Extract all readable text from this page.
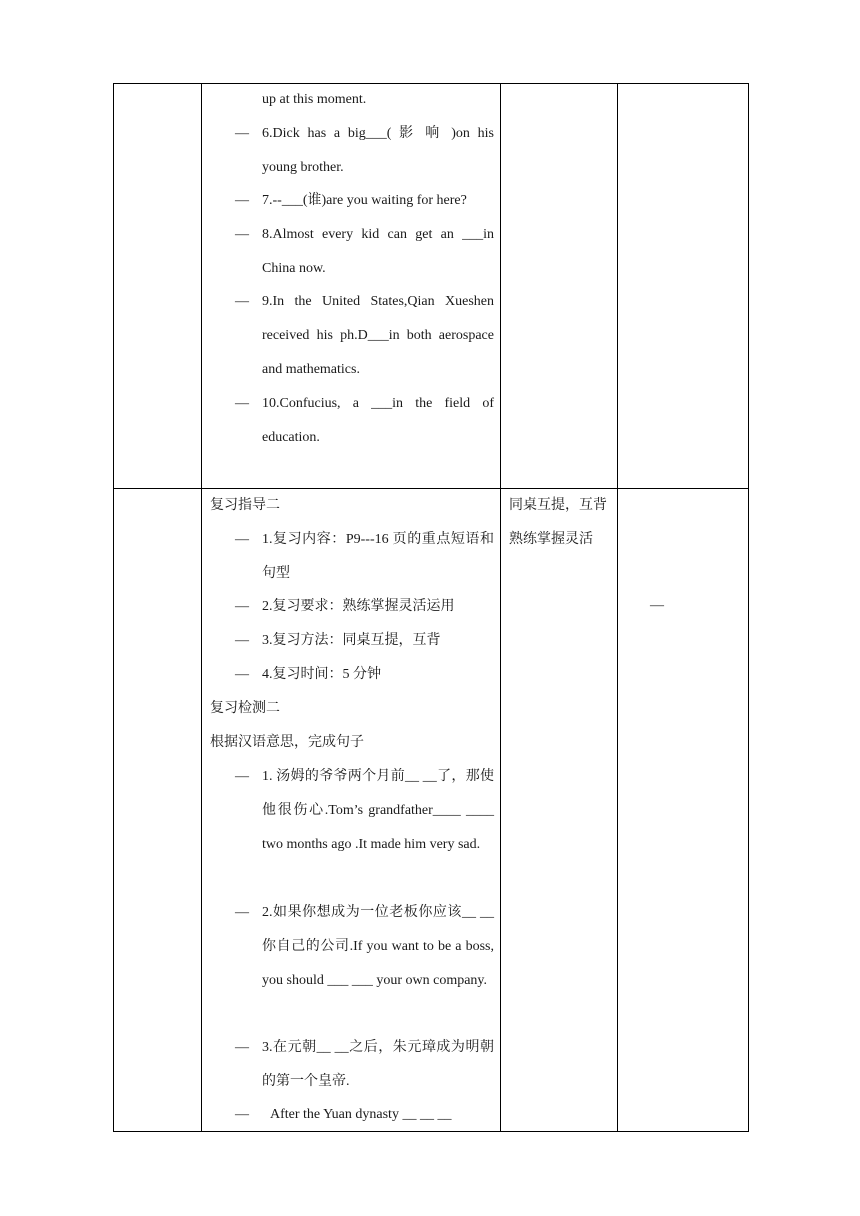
up at this moment.
— 6.Dick has a big___( 影 响 )on his young brother.
— 7.--___(谁)are you waiting for here?
— 8.Almost every kid can get an ___in China now.
— 9.In the United States,Qian Xueshen received his ph.D___in both aerospace and mathematics.
— 10.Confucius, a ___in the field of education.
复习指导二
— 1.复习内容：P9---16 页的重点短语和句型
— 2.复习要求：熟练掌握灵活运用
— 3.复习方法：同桌互提，互背
— 4.复习时间：5 分钟
复习检测二
根据汉语意思，完成句子
— 1. 汤姆的爷爷两个月前__ __了，那使他很伤心.Tom’s grandfather____ ____ two months ago .It made him very sad.
— 2.如果你想成为一位老板你应该__ __ 你自己的公司.If you want to be a boss, you should ___ ___ your own company.
— 3.在元朝__ __之后，朱元璋成为明朝的第一个皇帝.
—	After the Yuan dynasty __ __ __
同桌互提，互背熟练掌握灵活
—
